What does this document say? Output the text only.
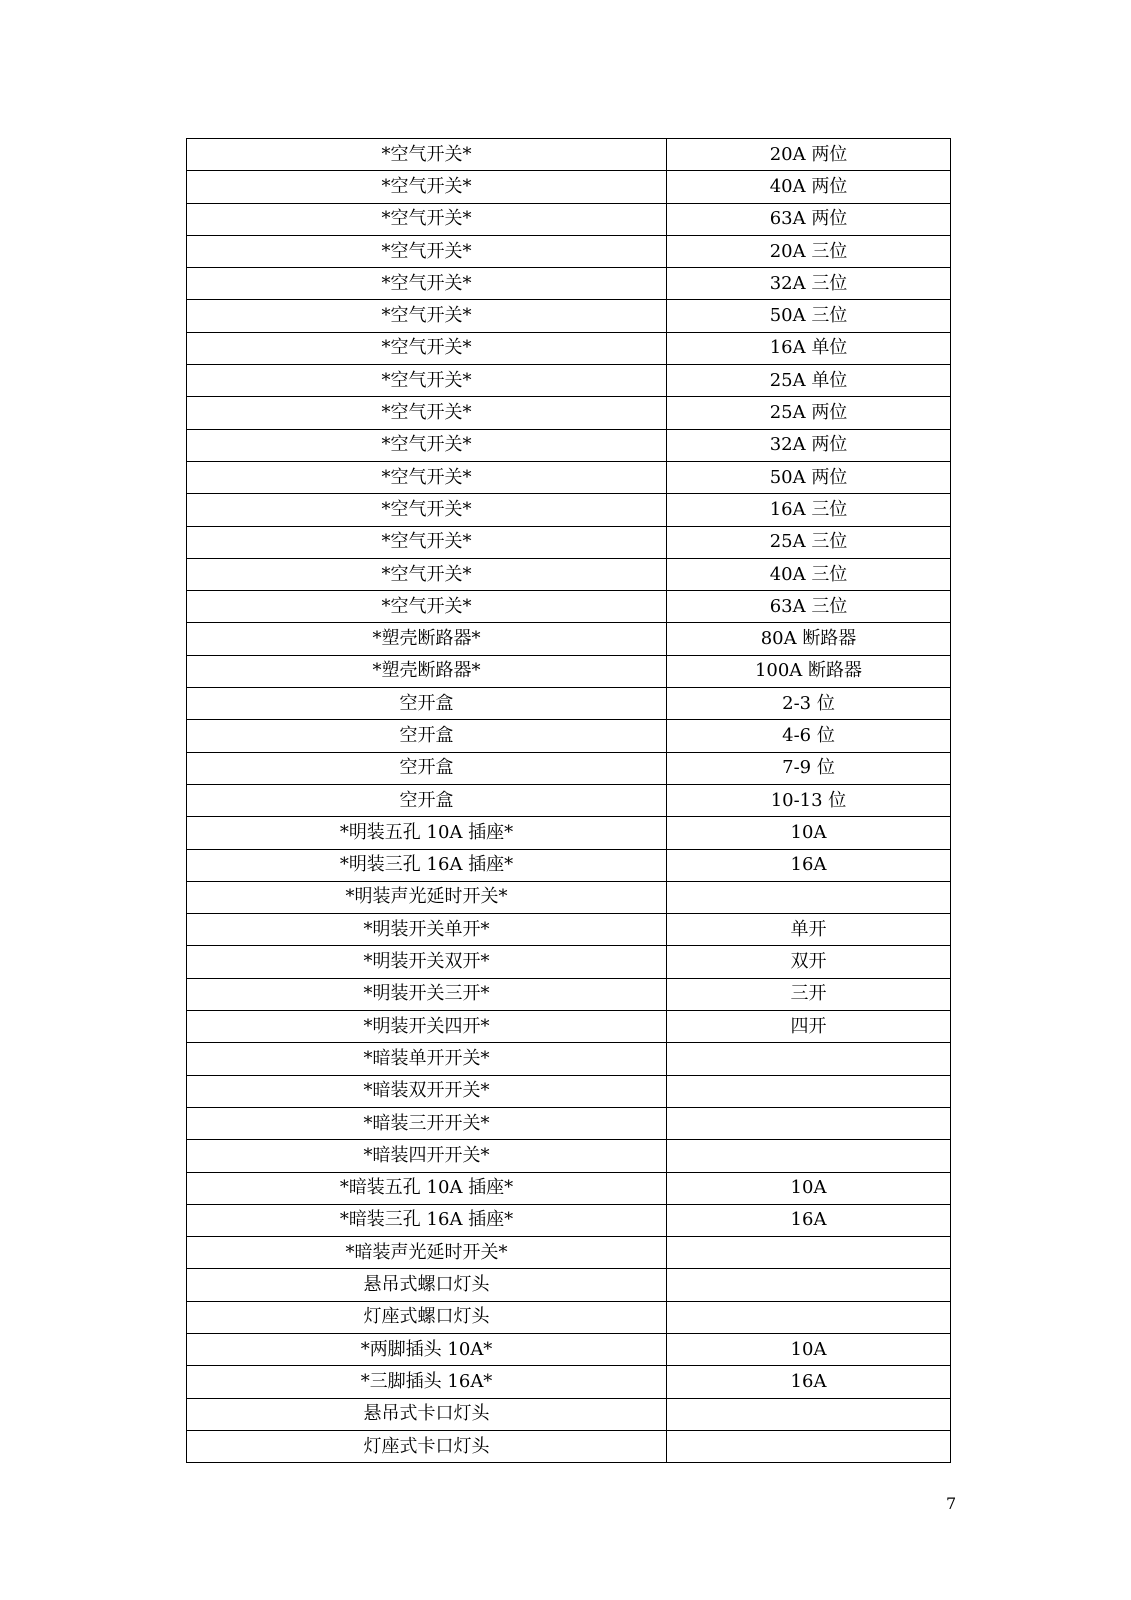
*空气开关*	20A 两位
*空气开关*	40A 两位
*空气开关*	63A 两位
*空气开关*	20A 三位
*空气开关*	32A 三位
*空气开关*	50A 三位
*空气开关*	16A 单位
*空气开关*	25A 单位
*空气开关*	25A 两位
*空气开关*	32A 两位
*空气开关*	50A 两位
*空气开关*	16A 三位
*空气开关*	25A 三位
*空气开关*	40A 三位
*空气开关*	63A 三位
*塑壳断路器*	80A 断路器
*塑壳断路器*	100A 断路器
空开盒	2-3 位
空开盒	4-6 位
空开盒	7-9 位
空开盒	10-13 位
*明装五孔 10A 插座*	10A
*明装三孔 16A 插座*	16A
*明装声光延时开关*	
*明装开关单开*	单开
*明装开关双开*	双开
*明装开关三开*	三开
*明装开关四开*	四开
*暗装单开开关*	
*暗装双开开关*	
*暗装三开开关*	
*暗装四开开关*	
*暗装五孔 10A 插座*	10A
*暗装三孔 16A 插座*	16A
*暗装声光延时开关*	
悬吊式螺口灯头	
灯座式螺口灯头	
*两脚插头 10A*	10A
*三脚插头 16A*	16A
悬吊式卡口灯头	
灯座式卡口灯头	
7
